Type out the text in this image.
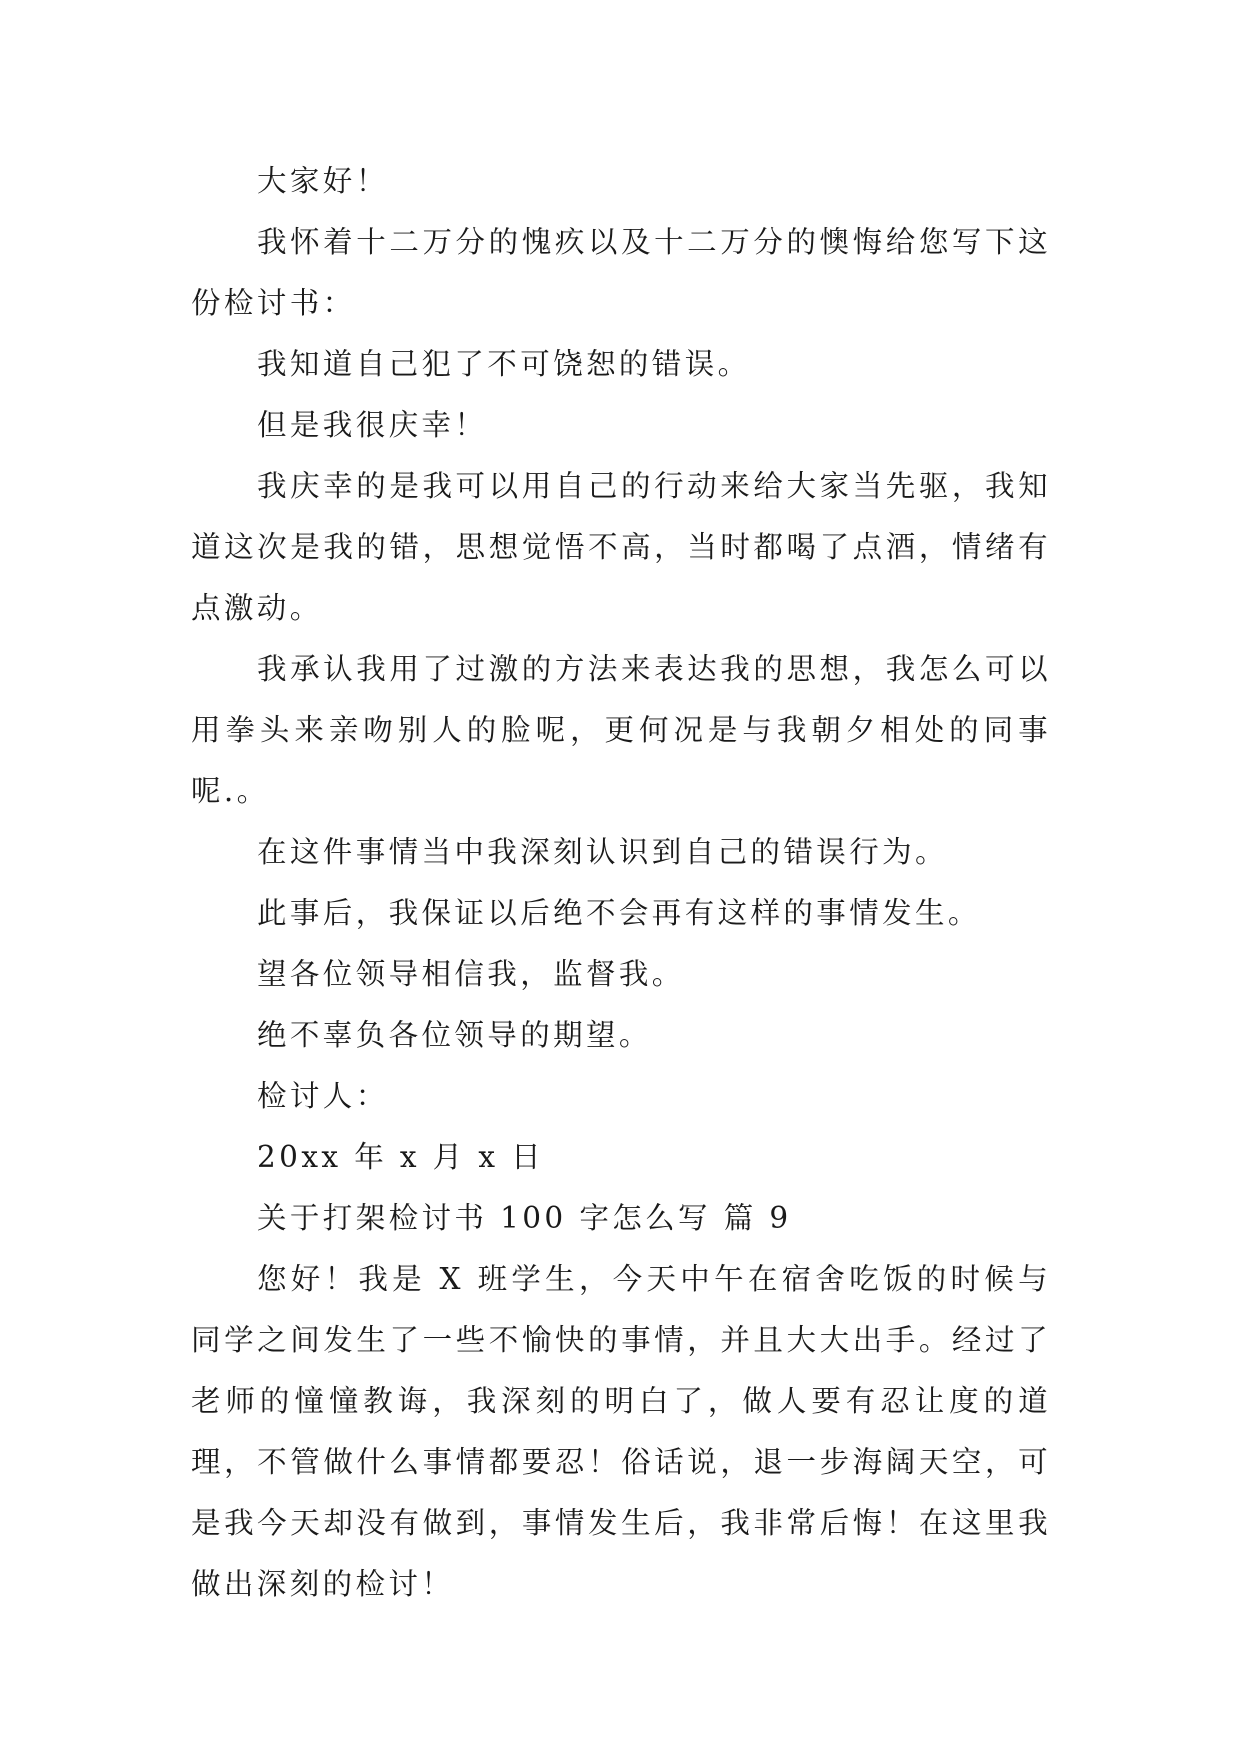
大家好！

我怀着十二万分的愧疚以及十二万分的懊悔给您写下这份检讨书：

我知道自己犯了不可饶恕的错误。

但是我很庆幸！

我庆幸的是我可以用自己的行动来给大家当先驱，我知道这次是我的错，思想觉悟不高，当时都喝了点酒，情绪有点激动。

我承认我用了过激的方法来表达我的思想，我怎么可以用拳头来亲吻别人的脸呢，更何况是与我朝夕相处的同事呢.。

在这件事情当中我深刻认识到自己的错误行为。

此事后，我保证以后绝不会再有这样的事情发生。

望各位领导相信我，监督我。

绝不辜负各位领导的期望。

检讨人：

20xx 年 x 月 x 日

关于打架检讨书 100 字怎么写 篇 9

您好！我是 X 班学生，今天中午在宿舍吃饭的时候与同学之间发生了一些不愉快的事情，并且大大出手。经过了老师的憧憧教诲，我深刻的明白了，做人要有忍让度的道理，不管做什么事情都要忍！俗话说，退一步海阔天空，可是我今天却没有做到，事情发生后，我非常后悔！在这里我做出深刻的检讨！
